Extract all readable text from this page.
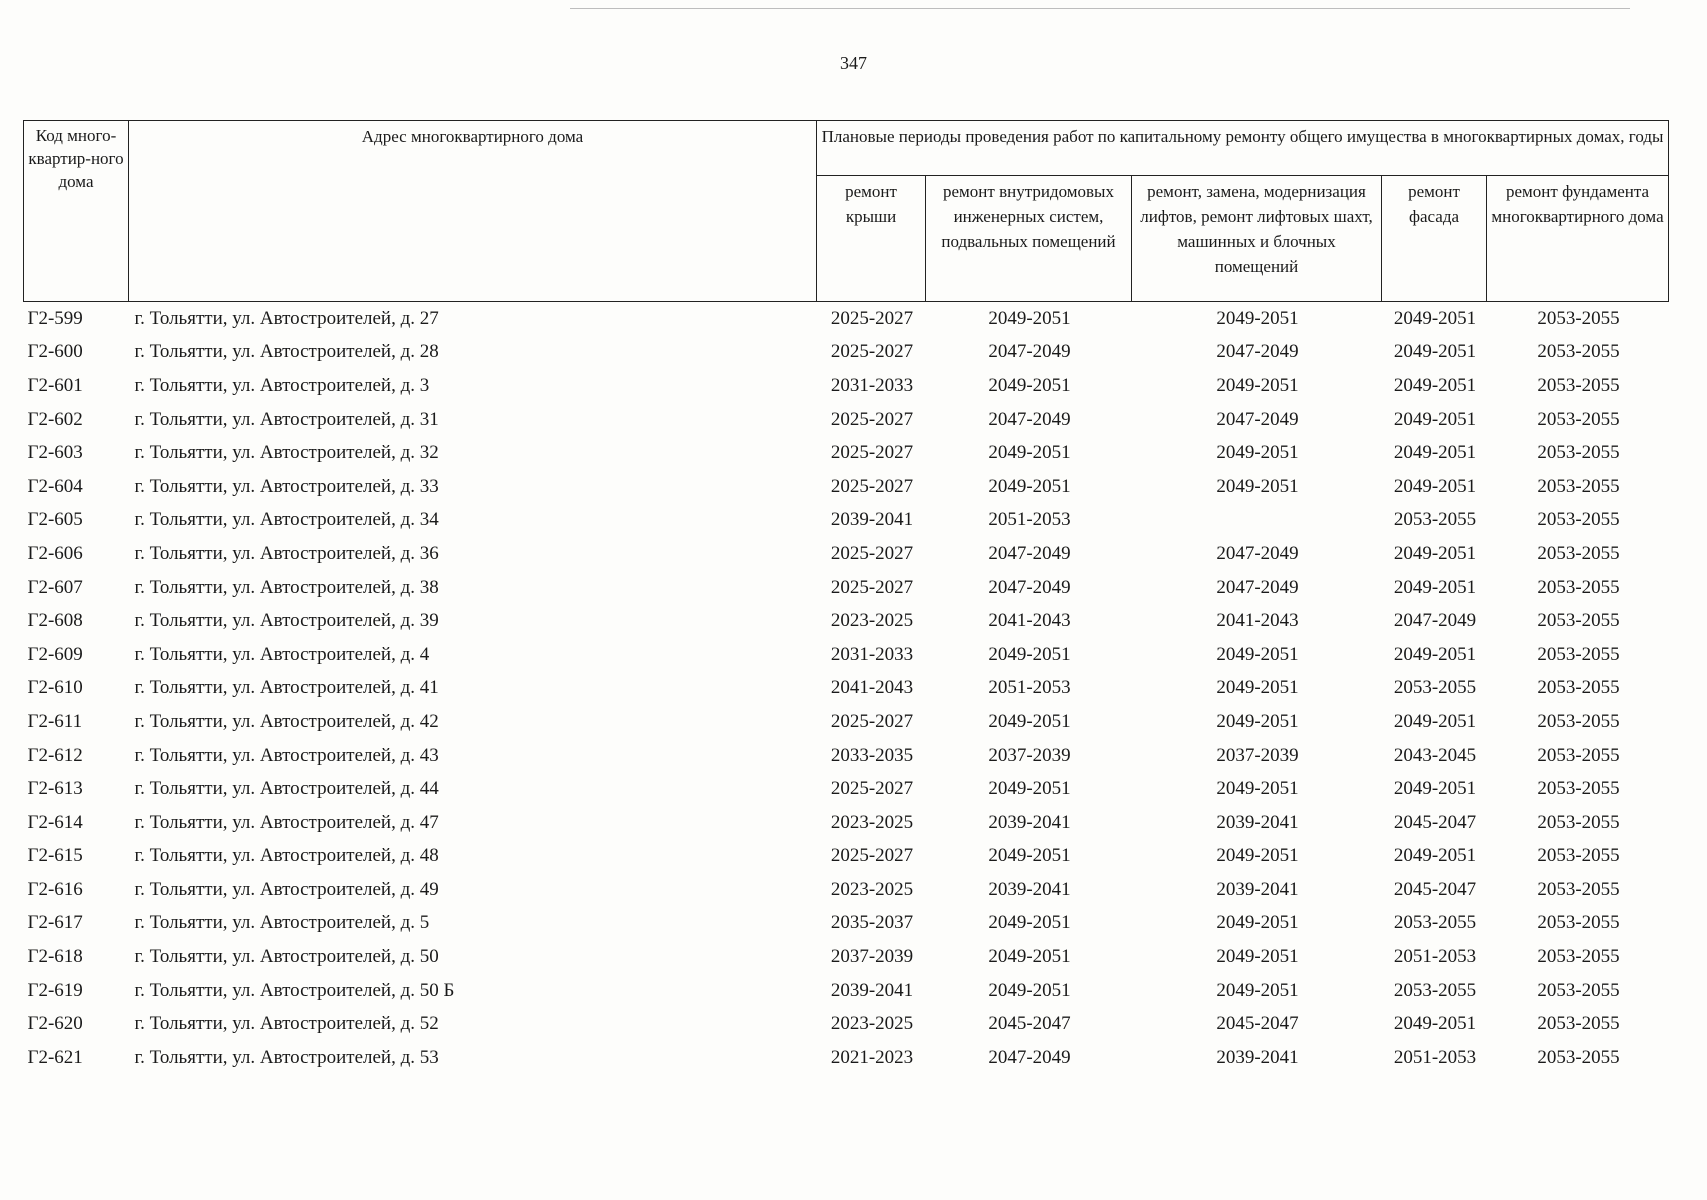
347
Код много-квартир-ного дома	Адрес многоквартирного дома	Плановые периоды проведения работ по капитальному ремонту общего имущества в многоквартирных домах, годы				
		ремонт крыши	ремонт внутридомовых инженерных систем, подвальных помещений	ремонт, замена, модернизация лифтов, ремонт лифтовых шахт, машинных и блочных помещений	ремонт фасада	ремонт фундамента многоквартирного дома
Г2-599	г. Тольятти, ул. Автостроителей, д. 27	2025-2027	2049-2051	2049-2051	2049-2051	2053-2055
Г2-600	г. Тольятти, ул. Автостроителей, д. 28	2025-2027	2047-2049	2047-2049	2049-2051	2053-2055
Г2-601	г. Тольятти, ул. Автостроителей, д. 3	2031-2033	2049-2051	2049-2051	2049-2051	2053-2055
Г2-602	г. Тольятти, ул. Автостроителей, д. 31	2025-2027	2047-2049	2047-2049	2049-2051	2053-2055
Г2-603	г. Тольятти, ул. Автостроителей, д. 32	2025-2027	2049-2051	2049-2051	2049-2051	2053-2055
Г2-604	г. Тольятти, ул. Автостроителей, д. 33	2025-2027	2049-2051	2049-2051	2049-2051	2053-2055
Г2-605	г. Тольятти, ул. Автостроителей, д. 34	2039-2041	2051-2053		2053-2055	2053-2055
Г2-606	г. Тольятти, ул. Автостроителей, д. 36	2025-2027	2047-2049	2047-2049	2049-2051	2053-2055
Г2-607	г. Тольятти, ул. Автостроителей, д. 38	2025-2027	2047-2049	2047-2049	2049-2051	2053-2055
Г2-608	г. Тольятти, ул. Автостроителей, д. 39	2023-2025	2041-2043	2041-2043	2047-2049	2053-2055
Г2-609	г. Тольятти, ул. Автостроителей, д. 4	2031-2033	2049-2051	2049-2051	2049-2051	2053-2055
Г2-610	г. Тольятти, ул. Автостроителей, д. 41	2041-2043	2051-2053	2049-2051	2053-2055	2053-2055
Г2-611	г. Тольятти, ул. Автостроителей, д. 42	2025-2027	2049-2051	2049-2051	2049-2051	2053-2055
Г2-612	г. Тольятти, ул. Автостроителей, д. 43	2033-2035	2037-2039	2037-2039	2043-2045	2053-2055
Г2-613	г. Тольятти, ул. Автостроителей, д. 44	2025-2027	2049-2051	2049-2051	2049-2051	2053-2055
Г2-614	г. Тольятти, ул. Автостроителей, д. 47	2023-2025	2039-2041	2039-2041	2045-2047	2053-2055
Г2-615	г. Тольятти, ул. Автостроителей, д. 48	2025-2027	2049-2051	2049-2051	2049-2051	2053-2055
Г2-616	г. Тольятти, ул. Автостроителей, д. 49	2023-2025	2039-2041	2039-2041	2045-2047	2053-2055
Г2-617	г. Тольятти, ул. Автостроителей, д. 5	2035-2037	2049-2051	2049-2051	2053-2055	2053-2055
Г2-618	г. Тольятти, ул. Автостроителей, д. 50	2037-2039	2049-2051	2049-2051	2051-2053	2053-2055
Г2-619	г. Тольятти, ул. Автостроителей, д. 50 Б	2039-2041	2049-2051	2049-2051	2053-2055	2053-2055
Г2-620	г. Тольятти, ул. Автостроителей, д. 52	2023-2025	2045-2047	2045-2047	2049-2051	2053-2055
Г2-621	г. Тольятти, ул. Автостроителей, д. 53	2021-2023	2047-2049	2039-2041	2051-2053	2053-2055
